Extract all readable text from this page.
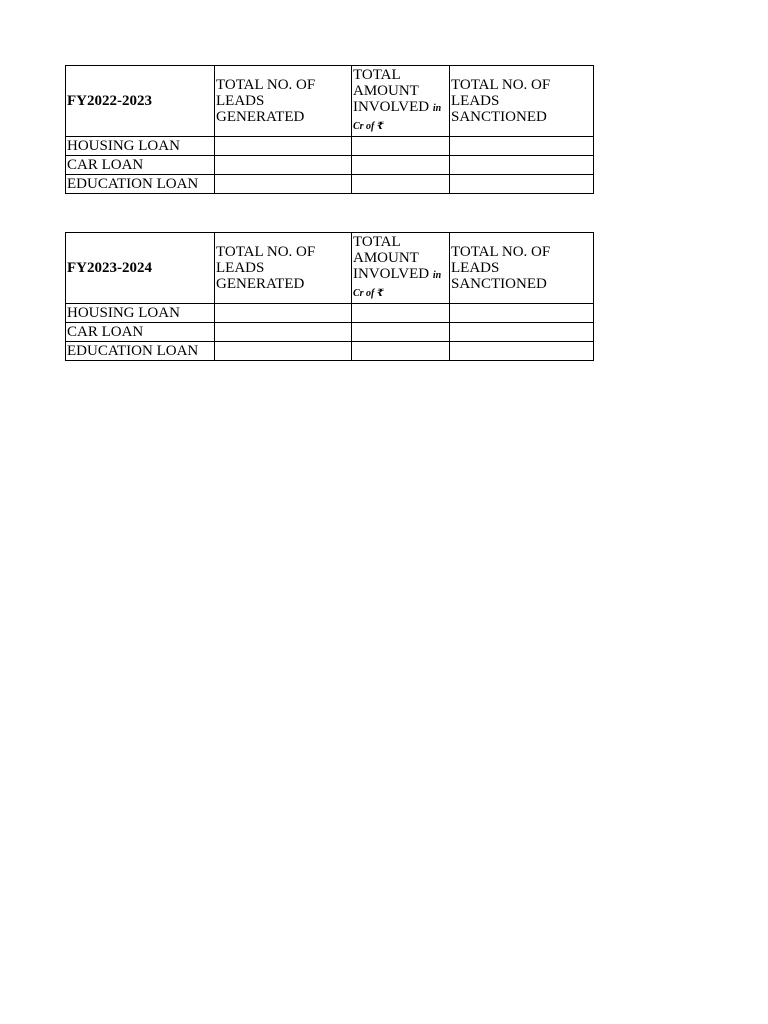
FY2022-2023	TOTAL NO. OF LEADS GENERATED	TOTAL AMOUNT INVOLVED in Cr of ₹	TOTAL NO. OF LEADS SANCTIONED
HOUSING LOAN			
CAR LOAN			
EDUCATION LOAN			
FY2023-2024	TOTAL NO. OF LEADS GENERATED	TOTAL AMOUNT INVOLVED in Cr of ₹	TOTAL NO. OF LEADS SANCTIONED
HOUSING LOAN			
CAR LOAN			
EDUCATION LOAN			
